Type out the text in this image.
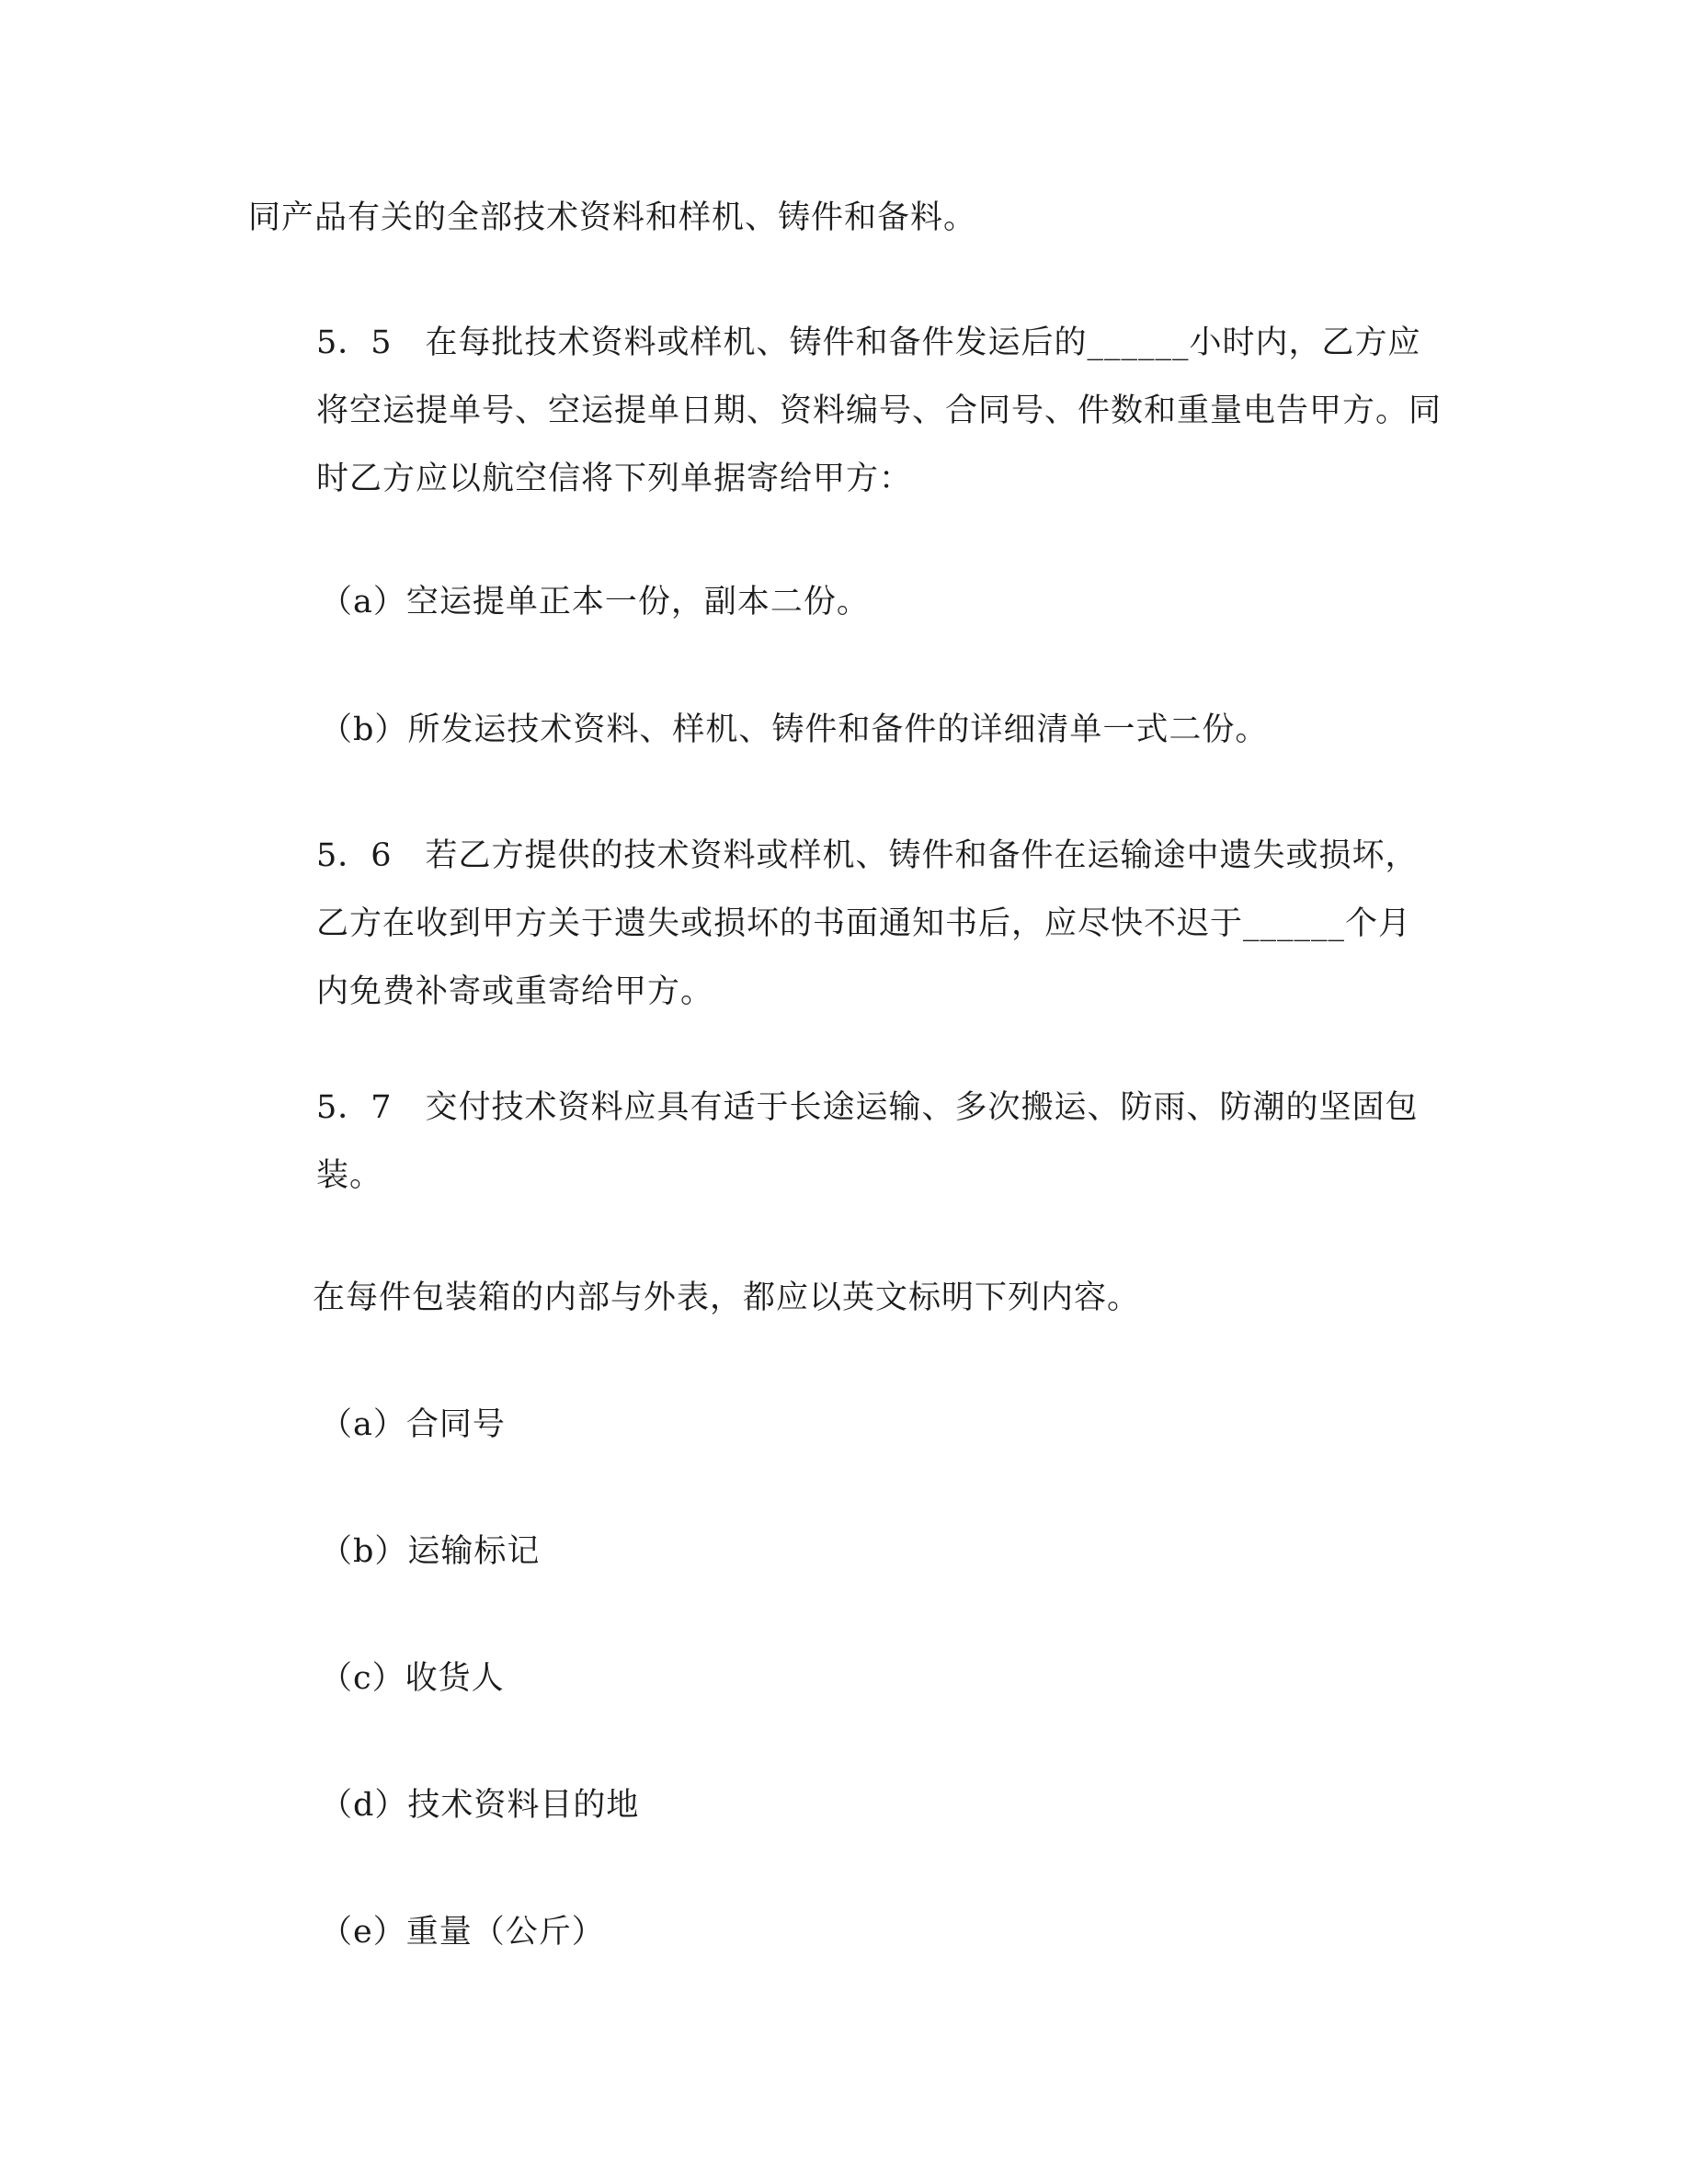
同产品有关的全部技术资料和样机、铸件和备料。

5．5　在每批技术资料或样机、铸件和备件发运后的______小时内，乙方应将空运提单号、空运提单日期、资料编号、合同号、件数和重量电告甲方。同时乙方应以航空信将下列单据寄给甲方：

（a）空运提单正本一份，副本二份。

（b）所发运技术资料、样机、铸件和备件的详细清单一式二份。

5．6　若乙方提供的技术资料或样机、铸件和备件在运输途中遗失或损坏，乙方在收到甲方关于遗失或损坏的书面通知书后，应尽快不迟于______个月内免费补寄或重寄给甲方。

5．7　交付技术资料应具有适于长途运输、多次搬运、防雨、防潮的坚固包装。

在每件包装箱的内部与外表，都应以英文标明下列内容。

（a）合同号

（b）运输标记

（c）收货人

（d）技术资料目的地

（e）重量（公斤）
